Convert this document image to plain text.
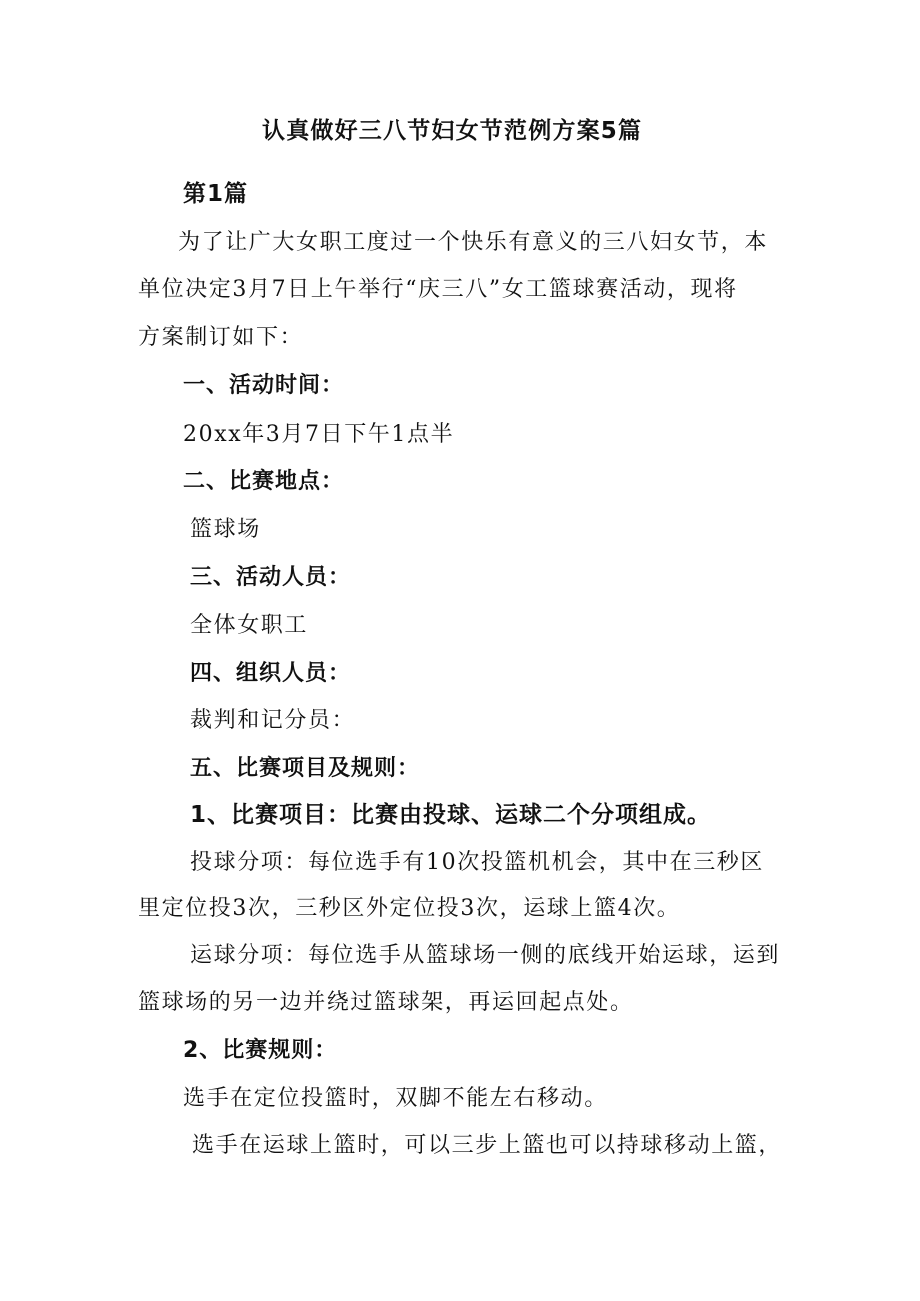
认真做好三八节妇女节范例方案5篇
第1篇
为了让广大女职工度过一个快乐有意义的三八妇女节，本
单位决定3月7日上午举行“庆三八”女工篮球赛活动，现将
方案制订如下：
一、活动时间：
20xx年3月7日下午1点半
二、比赛地点：
篮球场
三、活动人员：
全体女职工
四、组织人员：
裁判和记分员：
五、比赛项目及规则：
1、比赛项目：比赛由投球、运球二个分项组成。
投球分项：每位选手有10次投篮机机会，其中在三秒区
里定位投3次，三秒区外定位投3次，运球上篮4次。
运球分项：每位选手从篮球场一侧的底线开始运球，运到
篮球场的另一边并绕过篮球架，再运回起点处。
2、比赛规则：
选手在定位投篮时，双脚不能左右移动。
选手在运球上篮时，可以三步上篮也可以持球移动上篮，
